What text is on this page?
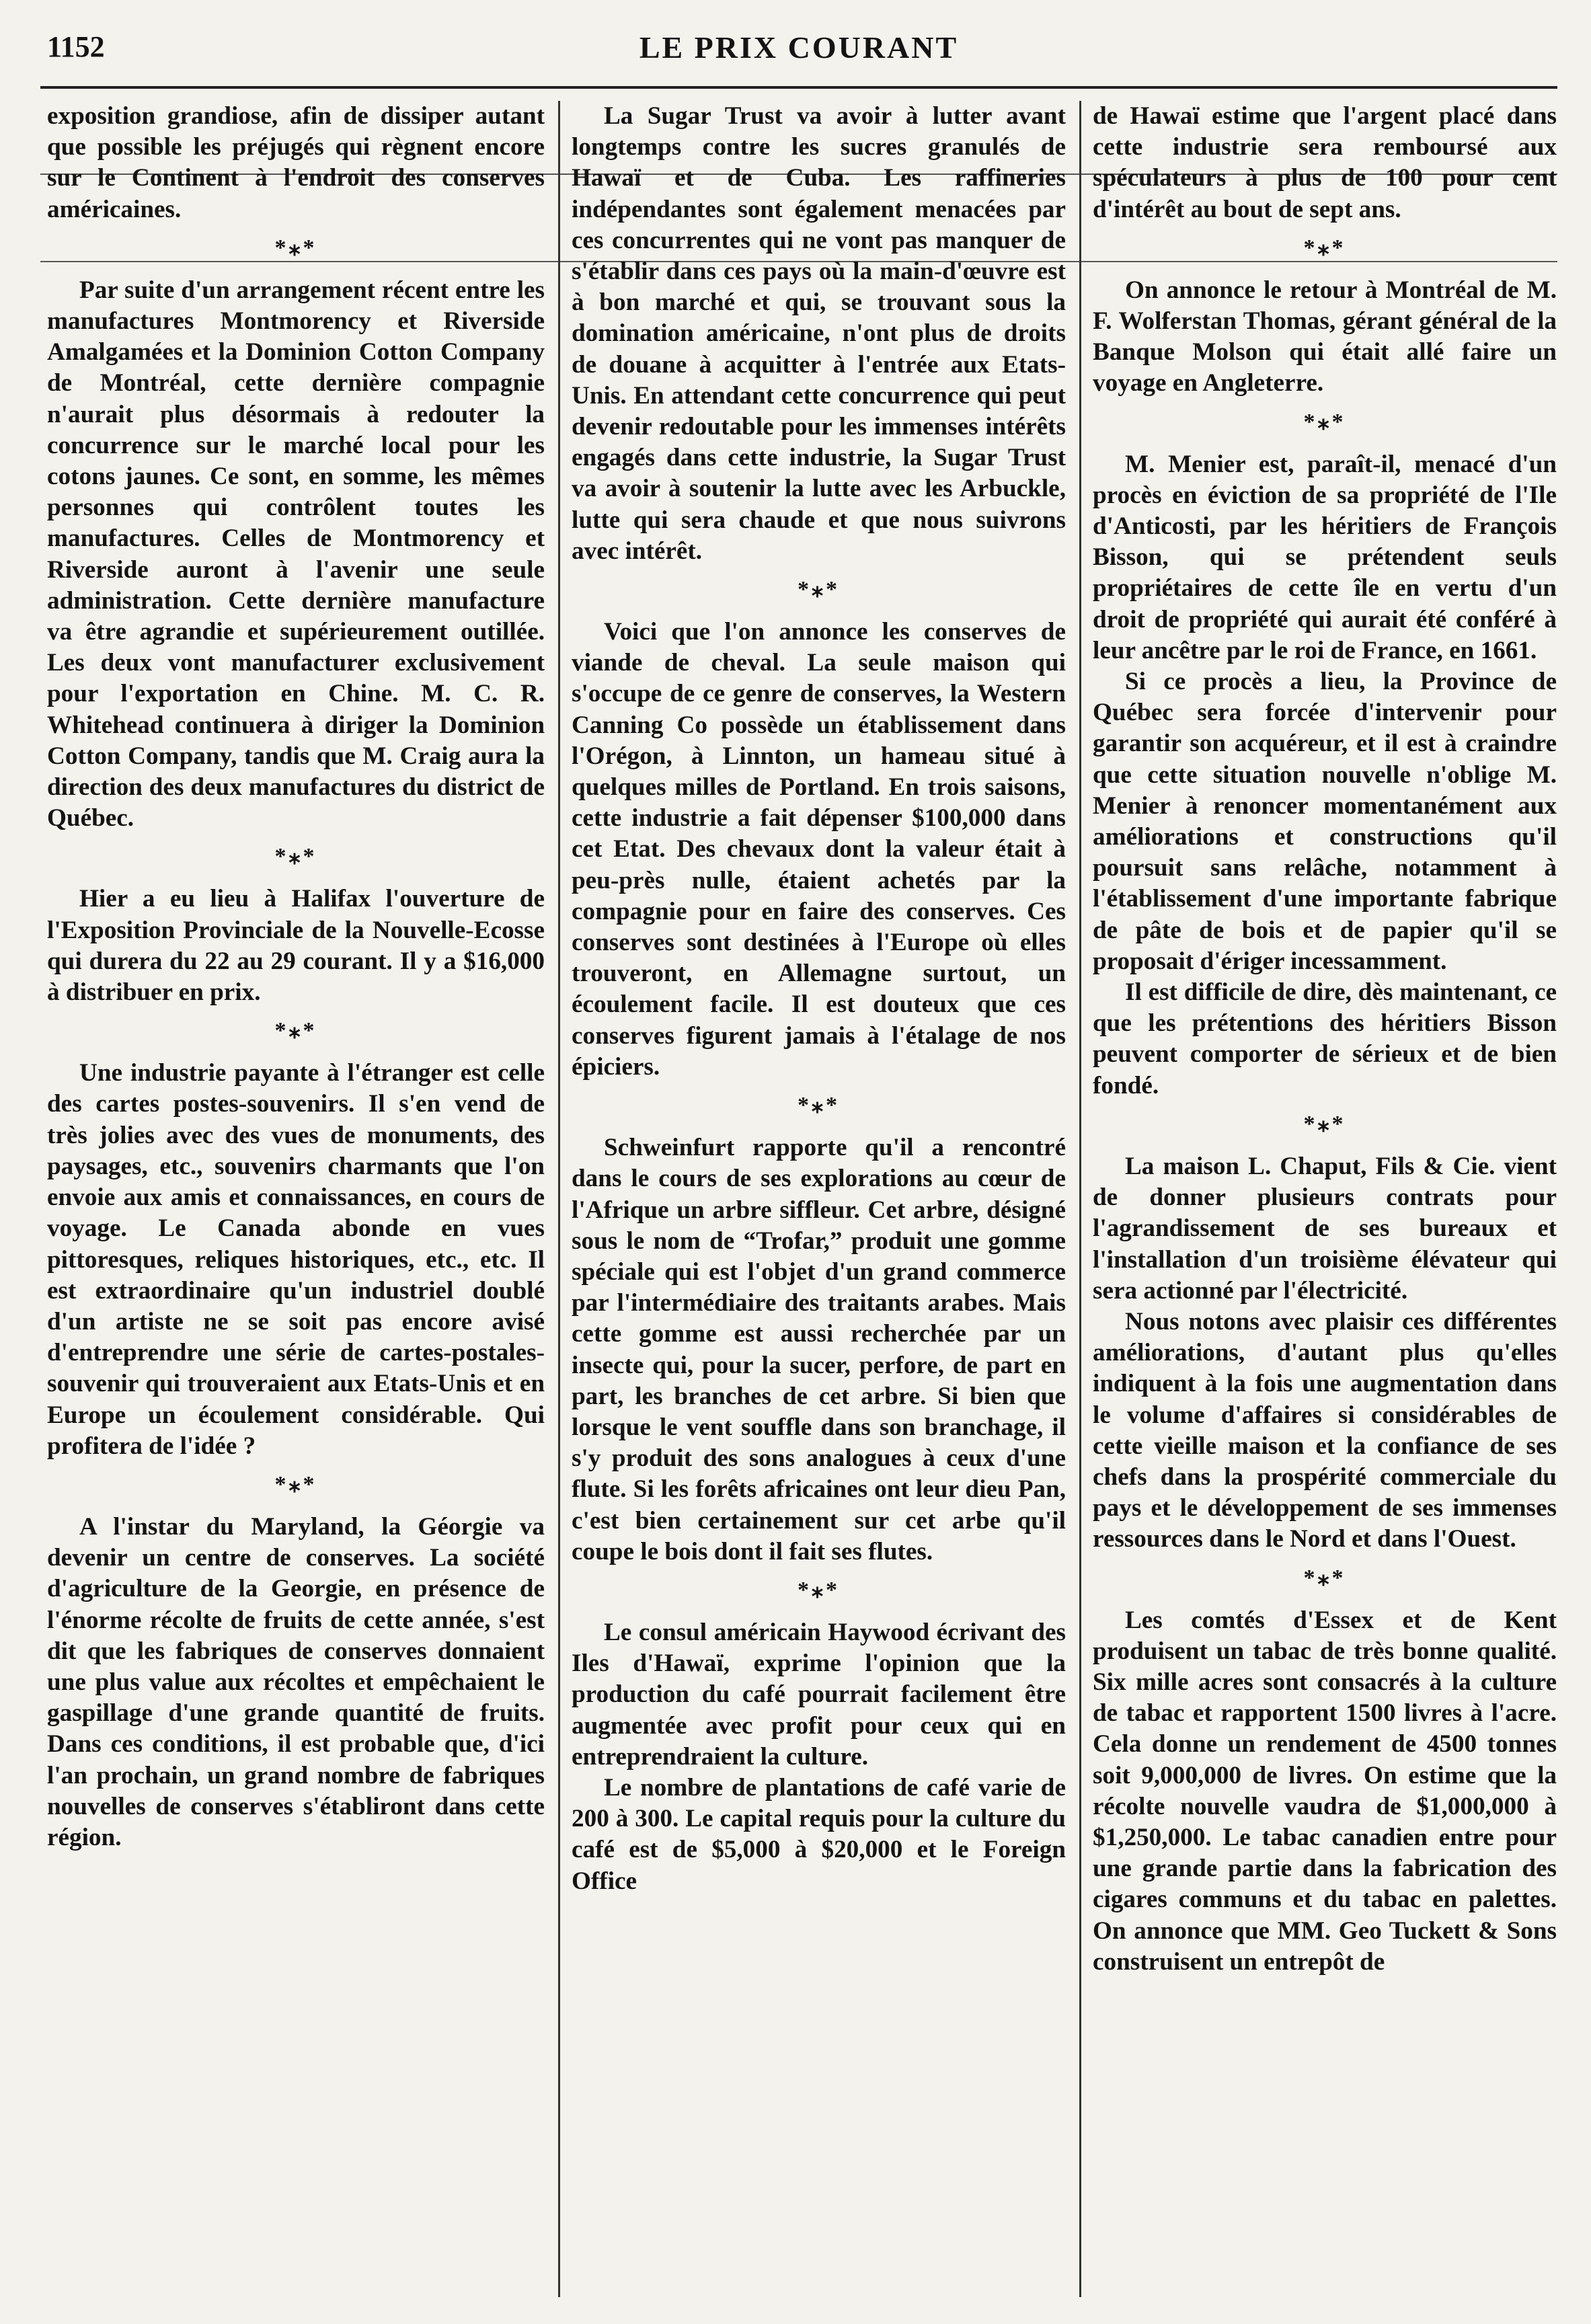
1152	LE PRIX COURANT

exposition grandiose, afin de dissiper autant que possible les préjugés qui règnent encore sur le Continent à l'endroit des conserves américaines.

*⁎*

Par suite d'un arrangement récent entre les manufactures Montmorency et Riverside Amalgamées et la Dominion Cotton Company de Montréal, cette dernière compagnie n'aurait plus désormais à redouter la concurrence sur le marché local pour les cotons jaunes. Ce sont, en somme, les mêmes personnes qui contrôlent toutes les manufactures. Celles de Montmorency et Riverside auront à l'avenir une seule administration. Cette dernière manufacture va être agrandie et supérieurement outillée. Les deux vont manufacturer exclusivement pour l'exportation en Chine. M. C. R. Whitehead continuera à diriger la Dominion Cotton Company, tandis que M. Craig aura la direction des deux manufactures du district de Québec.

*⁎*

Hier a eu lieu à Halifax l'ouverture de l'Exposition Provinciale de la Nouvelle-Ecosse qui durera du 22 au 29 courant. Il y a $16,000 à distribuer en prix.

*⁎*

Une industrie payante à l'étranger est celle des cartes postes-souvenirs. Il s'en vend de très jolies avec des vues de monuments, des paysages, etc., souvenirs charmants que l'on envoie aux amis et connaissances, en cours de voyage. Le Canada abonde en vues pittoresques, reliques historiques, etc., etc. Il est extraordinaire qu'un industriel doublé d'un artiste ne se soit pas encore avisé d'entreprendre une série de cartes-postales-souvenir qui trouveraient aux Etats-Unis et en Europe un écoulement considérable. Qui profitera de l'idée ?

*⁎*

A l'instar du Maryland, la Géorgie va devenir un centre de conserves. La société d'agriculture de la Georgie, en présence de l'énorme récolte de fruits de cette année, s'est dit que les fabriques de conserves donnaient une plus value aux récoltes et empêchaient le gaspillage d'une grande quantité de fruits. Dans ces conditions, il est probable que, d'ici l'an prochain, un grand nombre de fabriques nouvelles de conserves s'établiront dans cette région.

La Sugar Trust va avoir à lutter avant longtemps contre les sucres granulés de Hawaï et de Cuba. Les raffineries indépendantes sont également menacées par ces concurrentes qui ne vont pas manquer de s'établir dans ces pays où la main-d'œuvre est à bon marché et qui, se trouvant sous la domination américaine, n'ont plus de droits de douane à acquitter à l'entrée aux Etats-Unis. En attendant cette concurrence qui peut devenir redoutable pour les immenses intérêts engagés dans cette industrie, la Sugar Trust va avoir à soutenir la lutte avec les Arbuckle, lutte qui sera chaude et que nous suivrons avec intérêt.

*⁎*

Voici que l'on annonce les conserves de viande de cheval. La seule maison qui s'occupe de ce genre de conserves, la Western Canning Co possède un établissement dans l'Orégon, à Linnton, un hameau situé à quelques milles de Portland. En trois saisons, cette industrie a fait dépenser $100,000 dans cet Etat. Des chevaux dont la valeur était à peu-près nulle, étaient achetés par la compagnie pour en faire des conserves. Ces conserves sont destinées à l'Europe où elles trouveront, en Allemagne surtout, un écoulement facile. Il est douteux que ces conserves figurent jamais à l'étalage de nos épiciers.

*⁎*

Schweinfurt rapporte qu'il a rencontré dans le cours de ses explorations au cœur de l'Afrique un arbre siffleur. Cet arbre, désigné sous le nom de “Trofar,” produit une gomme spéciale qui est l'objet d'un grand commerce par l'intermédiaire des traitants arabes. Mais cette gomme est aussi recherchée par un insecte qui, pour la sucer, perfore, de part en part, les branches de cet arbre. Si bien que lorsque le vent souffle dans son branchage, il s'y produit des sons analogues à ceux d'une flute. Si les forêts africaines ont leur dieu Pan, c'est bien certainement sur cet arbe qu'il coupe le bois dont il fait ses flutes.

*⁎*

Le consul américain Haywood écrivant des Iles d'Hawaï, exprime l'opinion que la production du café pourrait facilement être augmentée avec profit pour ceux qui en entreprendraient la culture.

Le nombre de plantations de café varie de 200 à 300. Le capital requis pour la culture du café est de $5,000 à $20,000 et le Foreign Office

de Hawaï estime que l'argent placé dans cette industrie sera remboursé aux spéculateurs à plus de 100 pour cent d'intérêt au bout de sept ans.

*⁎*

On annonce le retour à Montréal de M. F. Wolferstan Thomas, gérant général de la Banque Molson qui était allé faire un voyage en Angleterre.

*⁎*

M. Menier est, paraît-il, menacé d'un procès en éviction de sa propriété de l'Ile d'Anticosti, par les héritiers de François Bisson, qui se prétendent seuls propriétaires de cette île en vertu d'un droit de propriété qui aurait été conféré à leur ancêtre par le roi de France, en 1661.

Si ce procès a lieu, la Province de Québec sera forcée d'intervenir pour garantir son acquéreur, et il est à craindre que cette situation nouvelle n'oblige M. Menier à renoncer momentanément aux améliorations et constructions qu'il poursuit sans relâche, notamment à l'établissement d'une importante fabrique de pâte de bois et de papier qu'il se proposait d'ériger incessamment.

Il est difficile de dire, dès maintenant, ce que les prétentions des héritiers Bisson peuvent comporter de sérieux et de bien fondé.

*⁎*

La maison L. Chaput, Fils & Cie. vient de donner plusieurs contrats pour l'agrandissement de ses bureaux et l'installation d'un troisième élévateur qui sera actionné par l'électricité.

Nous notons avec plaisir ces différentes améliorations, d'autant plus qu'elles indiquent à la fois une augmentation dans le volume d'affaires si considérables de cette vieille maison et la confiance de ses chefs dans la prospérité commerciale du pays et le développement de ses immenses ressources dans le Nord et dans l'Ouest.

*⁎*

Les comtés d'Essex et de Kent produisent un tabac de très bonne qualité. Six mille acres sont consacrés à la culture de tabac et rapportent 1500 livres à l'acre. Cela donne un rendement de 4500 tonnes soit 9,000,000 de livres. On estime que la récolte nouvelle vaudra de $1,000,000 à $1,250,000. Le tabac canadien entre pour une grande partie dans la fabrication des cigares communs et du tabac en palettes. On annonce que MM. Geo Tuckett & Sons construisent un entrepôt de
